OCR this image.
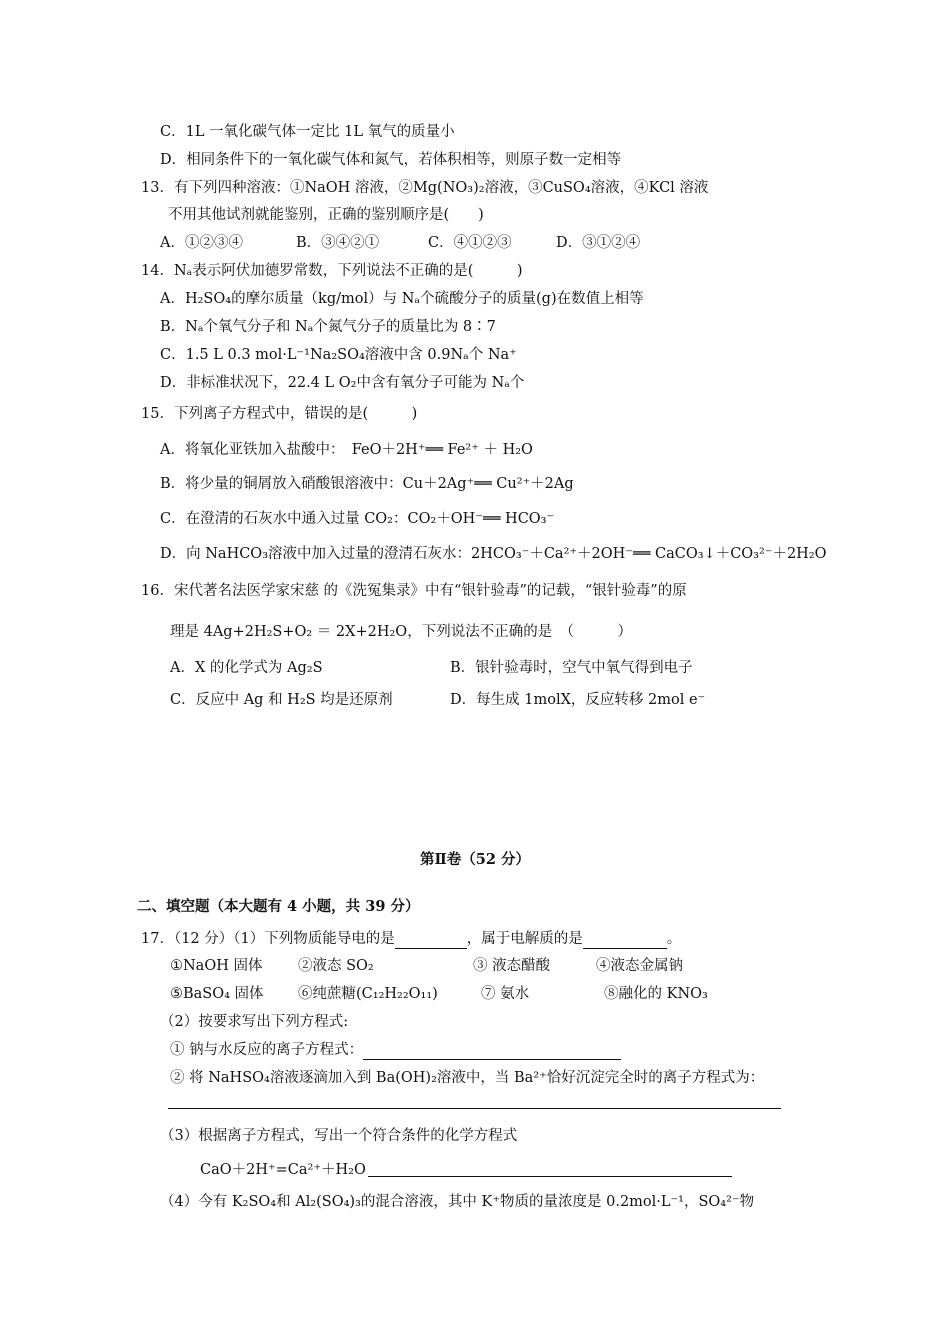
C．1L 一氧化碳气体一定比 1L 氧气的质量小
D．相同条件下的一氧化碳气体和氮气，若体积相等，则原子数一定相等
13．有下列四种溶液：①NaOH 溶液，②Mg(NO₃)₂溶液，③CuSO₄溶液，④KCl 溶液
不用其他试剂就能鉴别，正确的鉴别顺序是(　　)
A．①②③④	B．③④②①	C．④①②③	D．③①②④
14．Nₐ表示阿伏加德罗常数，下列说法不正确的是(　　　)
A．H₂SO₄的摩尔质量（kg/mol）与 Nₐ个硫酸分子的质量(g)在数值上相等
B．Nₐ个氧气分子和 Nₐ个氮气分子的质量比为 8∶7
C．1.5 L 0.3 mol·L⁻¹Na₂SO₄溶液中含 0.9Nₐ个 Na⁺
D．非标准状况下，22.4 L O₂中含有氧分子可能为 Nₐ个
15．下列离子方程式中，错误的是(　　　)
A．将氧化亚铁加入盐酸中：　FeO＋2H⁺══ Fe²⁺ ＋ H₂O
B．将少量的铜屑放入硝酸银溶液中：Cu＋2Ag⁺══ Cu²⁺＋2Ag
C．在澄清的石灰水中通入过量 CO₂：CO₂＋OH⁻══ HCO₃⁻
D．向 NaHCO₃溶液中加入过量的澄清石灰水：2HCO₃⁻＋Ca²⁺＋2OH⁻══ CaCO₃↓＋CO₃²⁻＋2H₂O
16．宋代著名法医学家宋慈 的《洗冤集录》中有“银针验毒”的记载，“银针验毒”的原
理是 4Ag+2H₂S+O₂ ＝ 2X+2H₂O，下列说法不正确的是　（　　　）
A．X 的化学式为 Ag₂S	B．银针验毒时，空气中氧气得到电子
C．反应中 Ag 和 H₂S 均是还原剂	D．每生成 1molX，反应转移 2mol e⁻
第Ⅱ卷（52 分）
二、填空题（本大题有 4 小题，共 39 分）
17．（12 分）（1）下列物质能导电的是	，属于电解质的是	。
①NaOH 固体 ②液态 SO₂	③ 液态醋酸	④液态金属钠
⑤BaSO₄ 固体 ⑥纯蔗糖(C₁₂H₂₂O₁₁)	⑦ 氨水	⑧融化的 KNO₃
（2）按要求写出下列方程式:
① 钠与水反应的离子方程式：
② 将 NaHSO₄溶液逐滴加入到 Ba(OH)₂溶液中，当 Ba²⁺恰好沉淀完全时的离子方程式为：
（3）根据离子方程式，写出一个符合条件的化学方程式
CaO＋2H⁺=Ca²⁺＋H₂O
（4）今有 K₂SO₄和 Al₂(SO₄)₃的混合溶液，其中 K⁺物质的量浓度是 0.2mol·L⁻¹，SO₄²⁻物
